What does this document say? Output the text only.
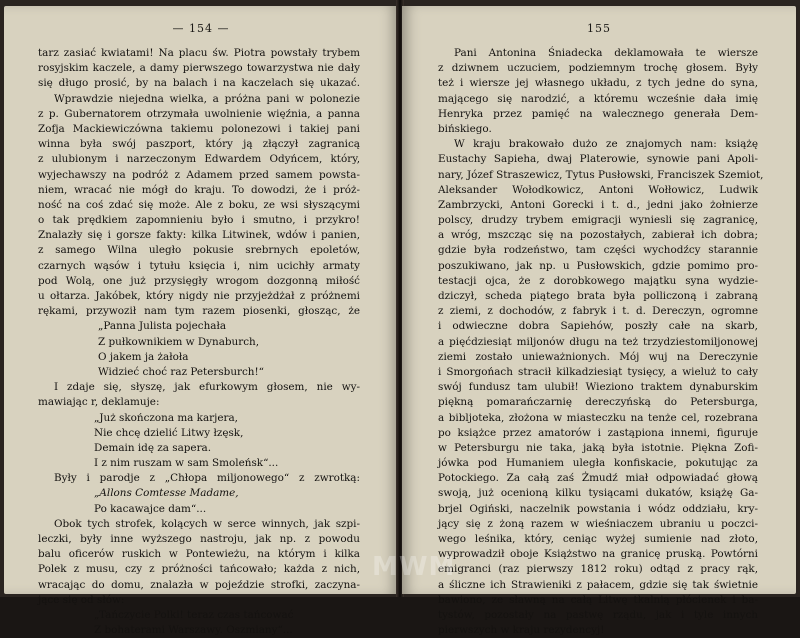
— 154 —
tarz zasiać kwiatami! Na placu św. Piotra powstały trybem
rosyjskim kaczele, a damy pierwszego towarzystwa nie dały
się długo prosić, by na balach i na kaczelach się ukazać.
Wprawdzie niejedna wielka, a próżna pani w polonezie
z p. Gubernatorem otrzymała uwolnienie więźnia, a panna
Zofja Mackiewiczówna takiemu polonezowi i takiej pani
winna była swój paszport, który ją złączył zagranicą
z ulubionym i narzeczonym Edwardem Odyńcem, który,
wyjechawszy na podróż z Adamem przed samem powsta-
niem, wracać nie mógł do kraju. To dowodzi, że i próż-
ność na coś zdać się może. Ale z boku, ze wsi słyszącymi
o tak prędkiem zapomnieniu było i smutno, i przykro!
Znalazły się i gorsze fakty: kilka Litwinek, wdów i panien,
z samego Wilna uległo pokusie srebrnych epoletów,
czarnych wąsów i tytułu księcia i, nim ucichły armaty
pod Wolą, one już przysięgły wrogom dozgonną miłość
u ołtarza. Jakóbek, który nigdy nie przyjeżdżał z próżnemi
rękami, przywoził nam tym razem piosenki, głosząc, że
„Panna Julista pojechała
Z pułkownikiem w Dynaburch,
O jakem ja żałoła
Widzieć choć raz Petersburch!“
I zdaje się, słyszę, jak efurkowym głosem, nie wy-
mawiając r, deklamuje:
„Już skończona ma karjera,
Nie chcę dzielić Litwy łzęsk,
Demain idę za sapera.
I z nim ruszam w sam Smoleńsk“...
Były i parodje z „Chłopa miljonowego“ z zwrotką:
„Allons Comtesse Madame,
Po kacawajce dam“...
Obok tych strofek, kolących w serce winnych, jak szpi-
leczki, były inne wyższego nastroju, jak np. z powodu
balu oficerów ruskich w Pontewieżu, na którym i kilka
Polek z musu, czy z próżności tańcowało; każda z nich,
wracając do domu, znalazła w pojeździe strofki, zaczyna-
jące się od słów:
„Tańczycie Polki! teraz czas tańcować
Z bohaterami Warszawy. Oszmiany“...
155
Pani Antonina Śniadecka deklamowała te wiersze
z dziwnem uczuciem, podziemnym trochę głosem. Były
też i wiersze jej własnego układu, z tych jedne do syna,
mającego się narodzić, a któremu wcześnie dała imię
Henryka przez pamięć na walecznego generała Dem-
bińskiego.
W kraju brakowało dużo ze znajomych nam: książę
Eustachy Sapieha, dwaj Platerowie, synowie pani Apoli-
nary, Józef Straszewicz, Tytus Pusłowski, Franciszek Szemiot,
Aleksander Wołodkowicz, Antoni Wołłowicz, Ludwik
Zambrzycki, Antoni Gorecki i t. d., jedni jako żołnierze
polscy, drudzy trybem emigracji wyniesli się zagranicę,
a wróg, mszcząc się na pozostałych, zabierał ich dobra;
gdzie była rodzeństwo, tam części wychodźcy starannie
poszukiwano, jak np. u Pusłowskich, gdzie pomimo pro-
testacji ojca, że z dorobkowego majątku syna wydzie-
dziczył, scheda piątego brata była polliczoną i zabraną
z ziemi, z dochodów, z fabryk i t. d. Dereczyn, ogromne
i odwieczne dobra Sapiehów, poszły całe na skarb,
a pięćdziesiąt miljonów długu na też trzydziestomiljonowej
ziemi zostało unieważnionych. Mój wuj na Dereczynie
i Smorgońach stracił kilkadziesiąt tysięcy, a wieluż to cały
swój fundusz tam ulubił! Wieziono traktem dynaburskim
piękną pomarańczarnię dereczyńską do Petersburga,
a bibljoteka, złożona w miasteczku na tenże cel, rozebrana
po książce przez amatorów i zastąpiona innemi, figuruje
w Petersburgu nie taka, jaką była istotnie. Piękna Zofi-
jówka pod Humaniem uległa konfiskacie, pokutując za
Potockiego. Za całą zaś Żmudź miał odpowiadać głową
swoją, już ocenioną kilku tysiącami dukatów, książę Ga-
brjel Ogiński, naczelnik powstania i wódz oddziału, kry-
jący się z żoną razem w wieśniaczem ubraniu u poczci-
wego leśnika, który, ceniąc wyżej sumienie nad złoto,
wyprowadził oboje Książstwo na granicę pruską. Powtórni
emigranci (raz pierwszy 1812 roku) odtąd z pracy rąk,
a śliczne ich Strawieniki z pałacem, gdzie się tak świetnie
bawiono, ze sławną na całą Litwę tkalnią płócienek i ba-
tystów, pozostały na pastwę rządu, jak i tyle innych
pierwszych w kraju rezydencyj!
MWM
